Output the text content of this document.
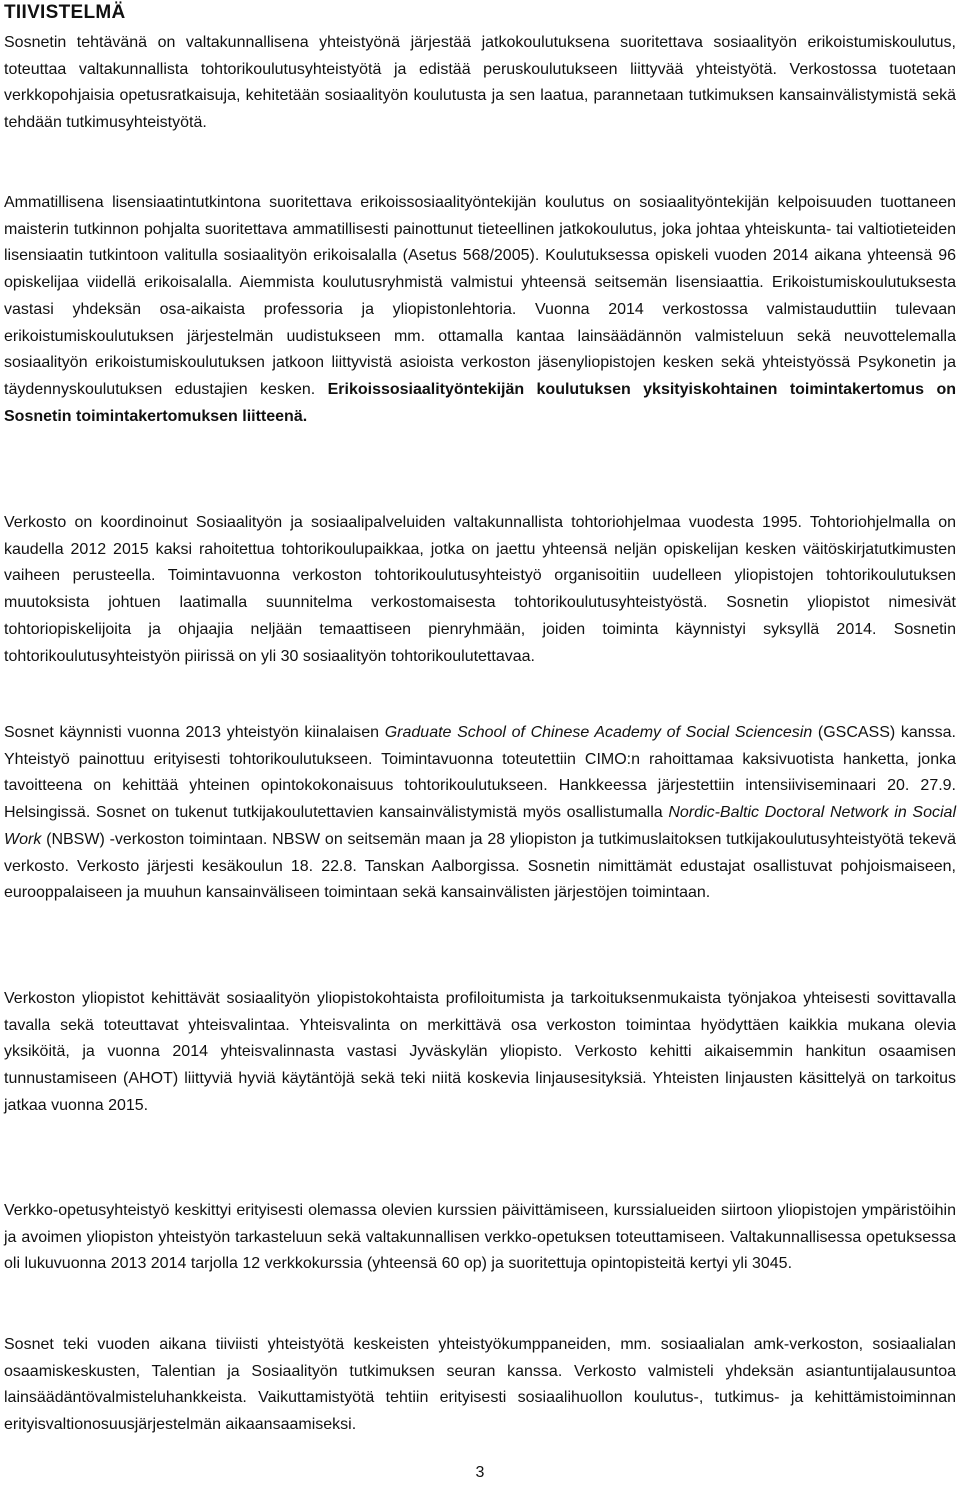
TIIVISTELMÄ

Sosnetin tehtävänä on valtakunnallisena yhteistyönä järjestää jatkokoulutuksena suoritettava sosiaalityön erikoistumiskoulutus, toteuttaa valtakunnallista tohtorikoulutusyhteistyötä ja edistää peruskoulutukseen liittyvää yhteistyötä. Verkostossa tuotetaan verkkopohjaisia opetusratkaisuja, kehitetään sosiaalityön koulutusta ja sen laatua, parannetaan tutkimuksen kansainvälistymistä sekä tehdään tutkimusyhteistyötä.

Ammatillisena lisensiaatintutkintona suoritettava erikoissosiaalityöntekijän koulutus on sosiaalityöntekijän kelpoisuuden tuottaneen maisterin tutkinnon pohjalta suoritettava ammatillisesti painottunut tieteellinen jatkokoulutus, joka johtaa yhteiskunta- tai valtiotieteiden lisensiaatin tutkintoon valitulla sosiaalityön erikoisalalla (Asetus 568/2005). Koulutuksessa opiskeli vuoden 2014 aikana yhteensä 96 opiskelijaa viidellä erikoisalalla. Aiemmista koulutusryhmistä valmistui yhteensä seitsemän lisensiaattia. Erikoistumiskoulutuksesta vastasi yhdeksän osa-aikaista professoria ja yliopistonlehtoria. Vuonna 2014 verkostossa valmistauduttiin tulevaan erikoistumiskoulutuksen järjestelmän uudistukseen mm. ottamalla kantaa lainsäädännön valmisteluun sekä neuvottelemalla sosiaalityön erikoistumiskoulutuksen jatkoon liittyvistä asioista verkoston jäsenyliopistojen kesken sekä yhteistyössä Psykonetin ja täydennyskoulutuksen edustajien kesken. Erikoissosiaalityöntekijän koulutuksen yksityiskohtainen toimintakertomus on Sosnetin toimintakertomuksen liitteenä.

Verkosto on koordinoinut Sosiaalityön ja sosiaalipalveluiden valtakunnallista tohtoriohjelmaa vuodesta 1995. Tohtoriohjelmalla on kaudella 2012 2015 kaksi rahoitettua tohtorikoulupaikkaa, jotka on jaettu yhteensä neljän opiskelijan kesken väitöskirjatutkimusten vaiheen perusteella. Toimintavuonna verkoston tohtorikoulutusyhteistyö organisoitiin uudelleen yliopistojen tohtorikoulutuksen muutoksista johtuen laatimalla suunnitelma verkostomaisesta tohtorikoulutusyhteistyöstä. Sosnetin yliopistot nimesivät tohtoriopiskelijoita ja ohjaajia neljään temaattiseen pienryhmään, joiden toiminta käynnistyi syksyllä 2014. Sosnetin tohtorikoulutusyhteistyön piirissä on yli 30 sosiaalityön tohtorikoulutettavaa.

Sosnet käynnisti vuonna 2013 yhteistyön kiinalaisen Graduate School of Chinese Academy of Social Sciencesin (GSCASS) kanssa. Yhteistyö painottuu erityisesti tohtorikoulutukseen. Toimintavuonna toteutettiin CIMO:n rahoittamaa kaksivuotista hanketta, jonka tavoitteena on kehittää yhteinen opintokokonaisuus tohtorikoulutukseen. Hankkeessa järjestettiin intensiiviseminaari 20. 27.9. Helsingissä. Sosnet on tukenut tutkijakoulutettavien kansainvälistymistä myös osallistumalla Nordic-Baltic Doctoral Network in Social Work (NBSW) -verkoston toimintaan. NBSW on seitsemän maan ja 28 yliopiston ja tutkimuslaitoksen tutkijakoulutusyhteistyötä tekevä verkosto. Verkosto järjesti kesäkoulun 18. 22.8. Tanskan Aalborgissa. Sosnetin nimittämät edustajat osallistuvat pohjoismaiseen, eurooppalaiseen ja muuhun kansainväliseen toimintaan sekä kansainvälisten järjestöjen toimintaan.

Verkoston yliopistot kehittävät sosiaalityön yliopistokohtaista profiloitumista ja tarkoituksenmukaista työnjakoa yhteisesti sovittavalla tavalla sekä toteuttavat yhteisvalintaa. Yhteisvalinta on merkittävä osa verkoston toimintaa hyödyttäen kaikkia mukana olevia yksiköitä, ja vuonna 2014 yhteisvalinnasta vastasi Jyväskylän yliopisto. Verkosto kehitti aikaisemmin hankitun osaamisen tunnustamiseen (AHOT) liittyviä hyviä käytäntöjä sekä teki niitä koskevia linjausesityksiä. Yhteisten linjausten käsittelyä on tarkoitus jatkaa vuonna 2015.

Verkko-opetusyhteistyö keskittyi erityisesti olemassa olevien kurssien päivittämiseen, kurssialueiden siirtoon yliopistojen ympäristöihin ja avoimen yliopiston yhteistyön tarkasteluun sekä valtakunnallisen verkko-opetuksen toteuttamiseen. Valtakunnallisessa opetuksessa oli lukuvuonna 2013 2014 tarjolla 12 verkkokurssia (yhteensä 60 op) ja suoritettuja opintopisteitä kertyi yli 3045.

Sosnet teki vuoden aikana tiiviisti yhteistyötä keskeisten yhteistyökumppaneiden, mm. sosiaalialan amk-verkoston, sosiaalialan osaamiskeskusten, Talentian ja Sosiaalityön tutkimuksen seuran kanssa. Verkosto valmisteli yhdeksän asiantuntijalausuntoa lainsäädäntövalmisteluhankkeista. Vaikuttamistyötä tehtiin erityisesti sosiaalihuollon koulutus-, tutkimus- ja kehittämistoiminnan erityisvaltionosuusjärjestelmän aikaansaamiseksi.

3
